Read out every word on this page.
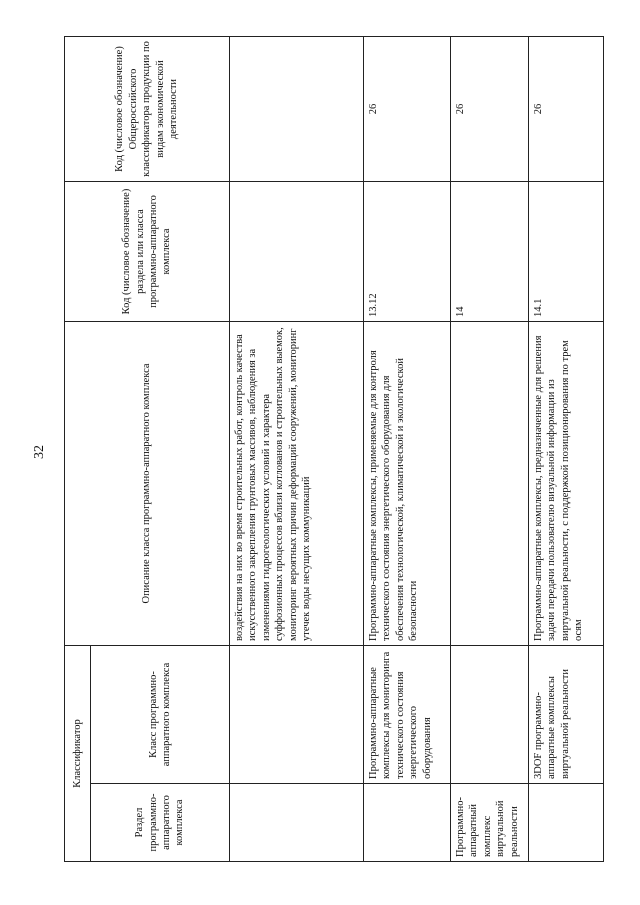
32
Классификатор		Описание класса программно-аппаратного комплекса	Код (числовое обозначение) раздела или класса программно-аппаратного комплекса	Код (числовое обозначение) Общероссийского классификатора продукции по видам экономической деятельности
Раздел программно-аппаратного комплекса	Класс программно-аппаратного комплекса			
		воздействия на них во время строительных работ, контроль качества искусственного закрепления грунтовых массивов, наблюдения за изменениями гидрогеологических условий и характера суффозионных процессов вблизи котлованов и строительных выемок, мониторинг вероятных причин деформаций сооружений, мониторинг утечек воды несущих коммуникаций		
	Программно-аппаратные комплексы для мониторинга технического состояния энергетического оборудования	Программно-аппаратные комплексы, применяемые для контроля технического состояния энергетического оборудования для обеспечения технологической, климатической и экологической безопасности	13.12	26
Программно-аппаратный комплекс виртуальной реальности			14	26
	3DOF программно-аппаратные комплексы виртуальной реальности	Программно-аппаратные комплексы, предназначенные для решения задачи передачи пользователю визуальной информации из виртуальной реальности, с поддержкой позиционирования по трем осям	14.1	26
